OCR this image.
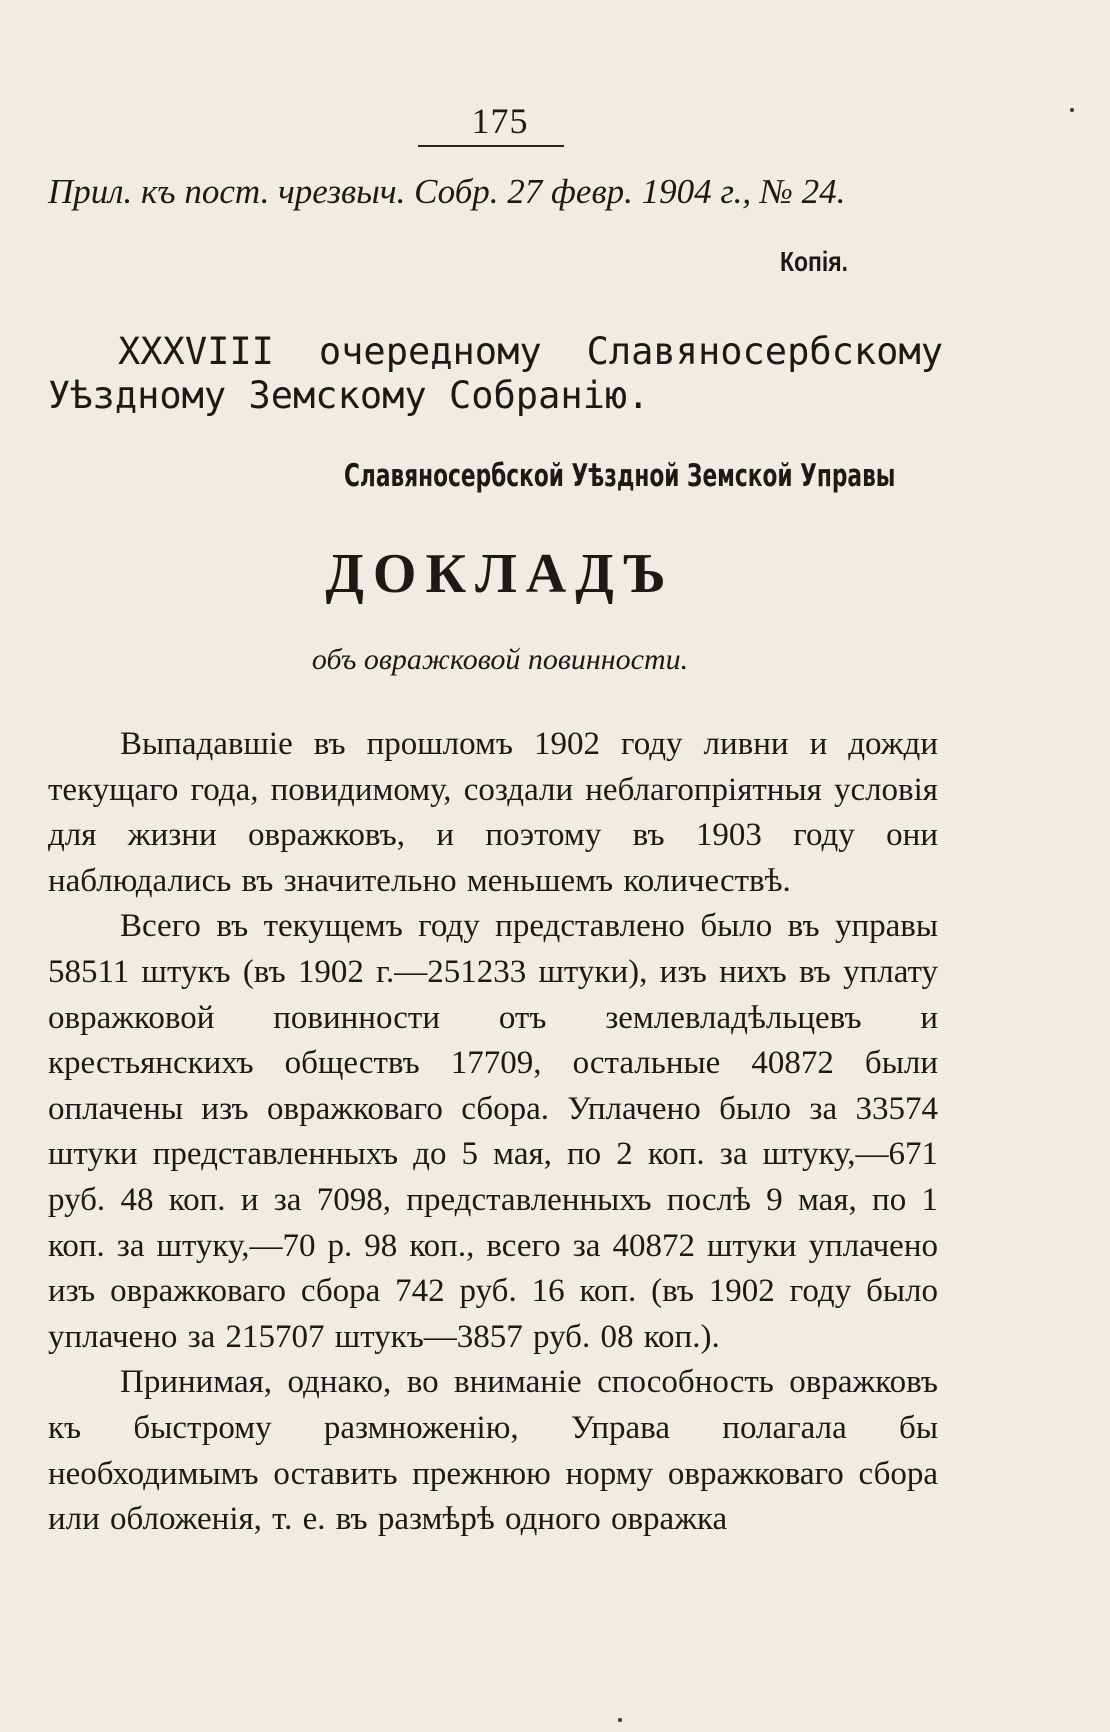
175
Прил. къ пост. чрезвыч. Собр. 27 февр. 1904 г., № 24.
Копія.

XXXVIII очередному Славяносербскому Уѣздному Земскому Собранію.

Славяносербской Уѣздной Земской Управы
ДОКЛАДЪ
объ овражковой повинности.

Выпадавшіе въ прошломъ 1902 году ливни и дожди текущаго года, повидимому, создали неблагопріятныя условія для жизни овражковъ, и поэтому въ 1903 году они наблюдались въ значительно меньшемъ количествѣ.

Всего въ текущемъ году представлено было въ управы 58511 штукъ (въ 1902 г.—251233 штуки), изъ нихъ въ уплату овражковой повинности отъ землевладѣльцевъ и крестьянскихъ обществъ 17709, остальные 40872 были оплачены изъ овражковаго сбора. Уплачено было за 33574 штуки представленныхъ до 5 мая, по 2 коп. за штуку,—671 руб. 48 коп. и за 7098, представленныхъ послѣ 9 мая, по 1 коп. за штуку,—70 р. 98 коп., всего за 40872 штуки уплачено изъ овражковаго сбора 742 руб. 16 коп. (въ 1902 году было уплачено за 215707 штукъ—3857 руб. 08 коп.).

Принимая, однако, во вниманіе способность овражковъ къ быстрому размноженію, Управа полагала бы необходимымъ оставить прежнюю норму овражковаго сбора или обложенія, т. е. въ размѣрѣ одного овражка
